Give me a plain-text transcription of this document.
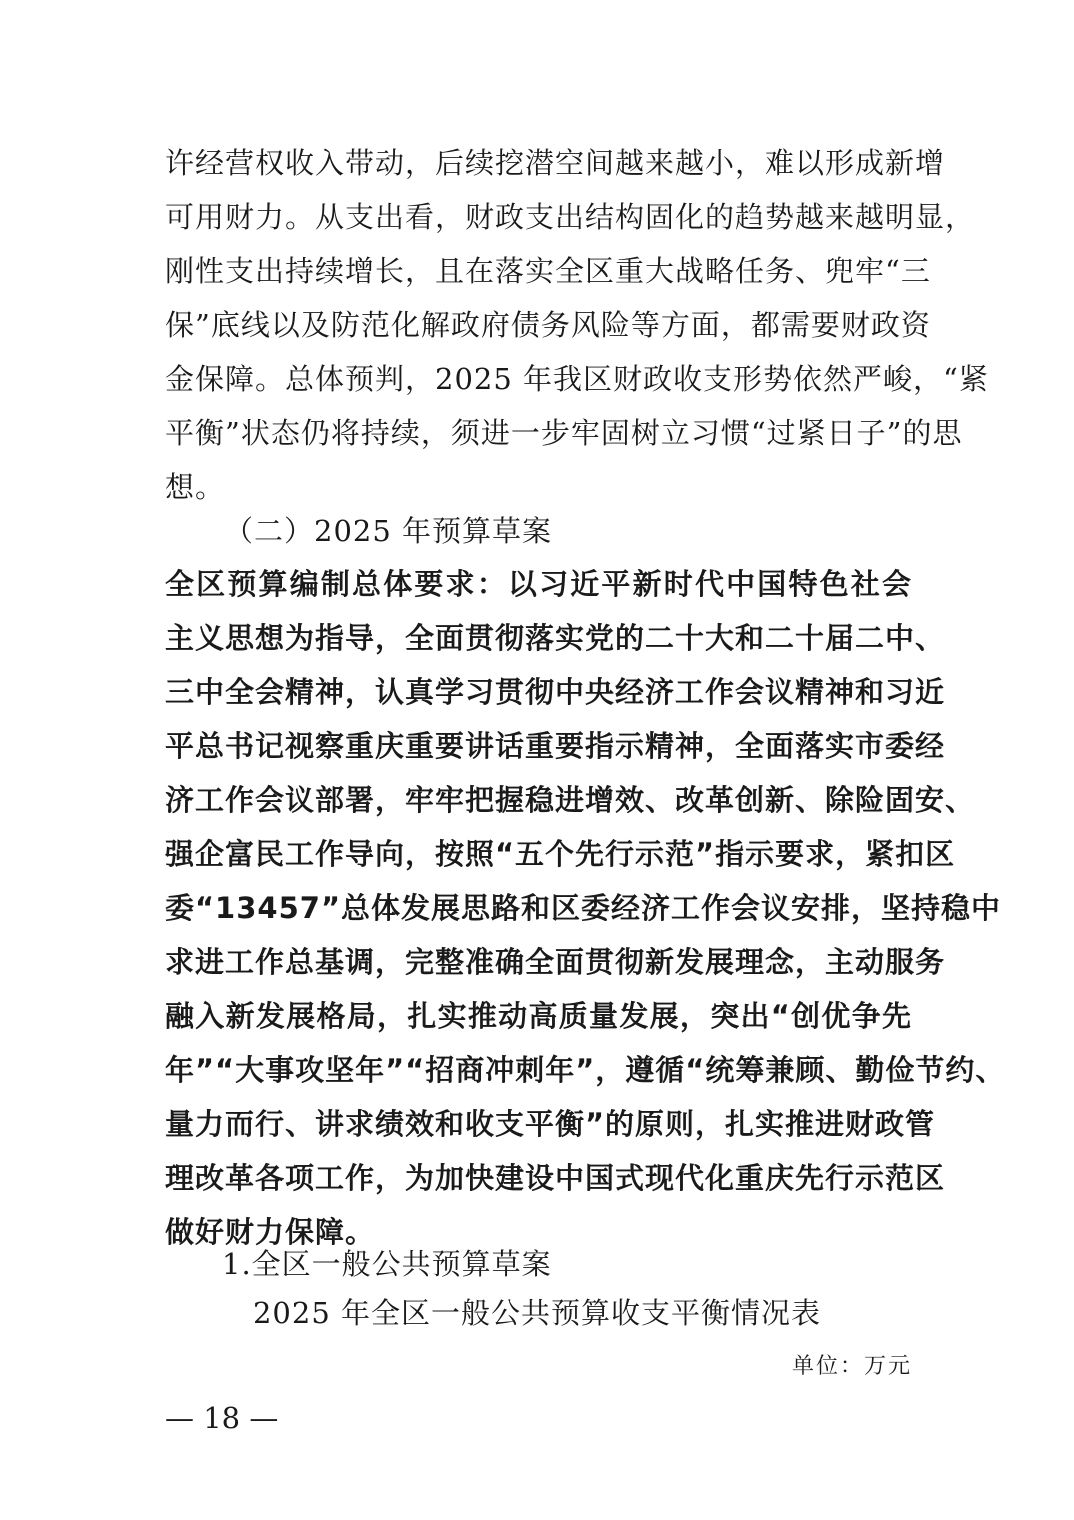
许经营权收入带动，后续挖潜空间越来越小，难以形成新增
可用财力。从支出看，财政支出结构固化的趋势越来越明显，
刚性支出持续增长，且在落实全区重大战略任务、兜牢“三
保”底线以及防范化解政府债务风险等方面，都需要财政资
金保障。总体预判，2025 年我区财政收支形势依然严峻，“紧
平衡”状态仍将持续，须进一步牢固树立习惯“过紧日子”的思
想。

（二）2025 年预算草案

全区预算编制总体要求：以习近平新时代中国特色社会
主义思想为指导，全面贯彻落实党的二十大和二十届二中、
三中全会精神，认真学习贯彻中央经济工作会议精神和习近
平总书记视察重庆重要讲话重要指示精神，全面落实市委经
济工作会议部署，牢牢把握稳进增效、改革创新、除险固安、
强企富民工作导向，按照“五个先行示范”指示要求，紧扣区
委“13457”总体发展思路和区委经济工作会议安排，坚持稳中
求进工作总基调，完整准确全面贯彻新发展理念，主动服务
融入新发展格局，扎实推动高质量发展，突出“创优争先
年”“大事攻坚年”“招商冲刺年”，遵循“统筹兼顾、勤俭节约、
量力而行、讲求绩效和收支平衡”的原则，扎实推进财政管
理改革各项工作，为加快建设中国式现代化重庆先行示范区
做好财力保障。

1.全区一般公共预算草案
2025 年全区一般公共预算收支平衡情况表
单位：万元
— 18 —
